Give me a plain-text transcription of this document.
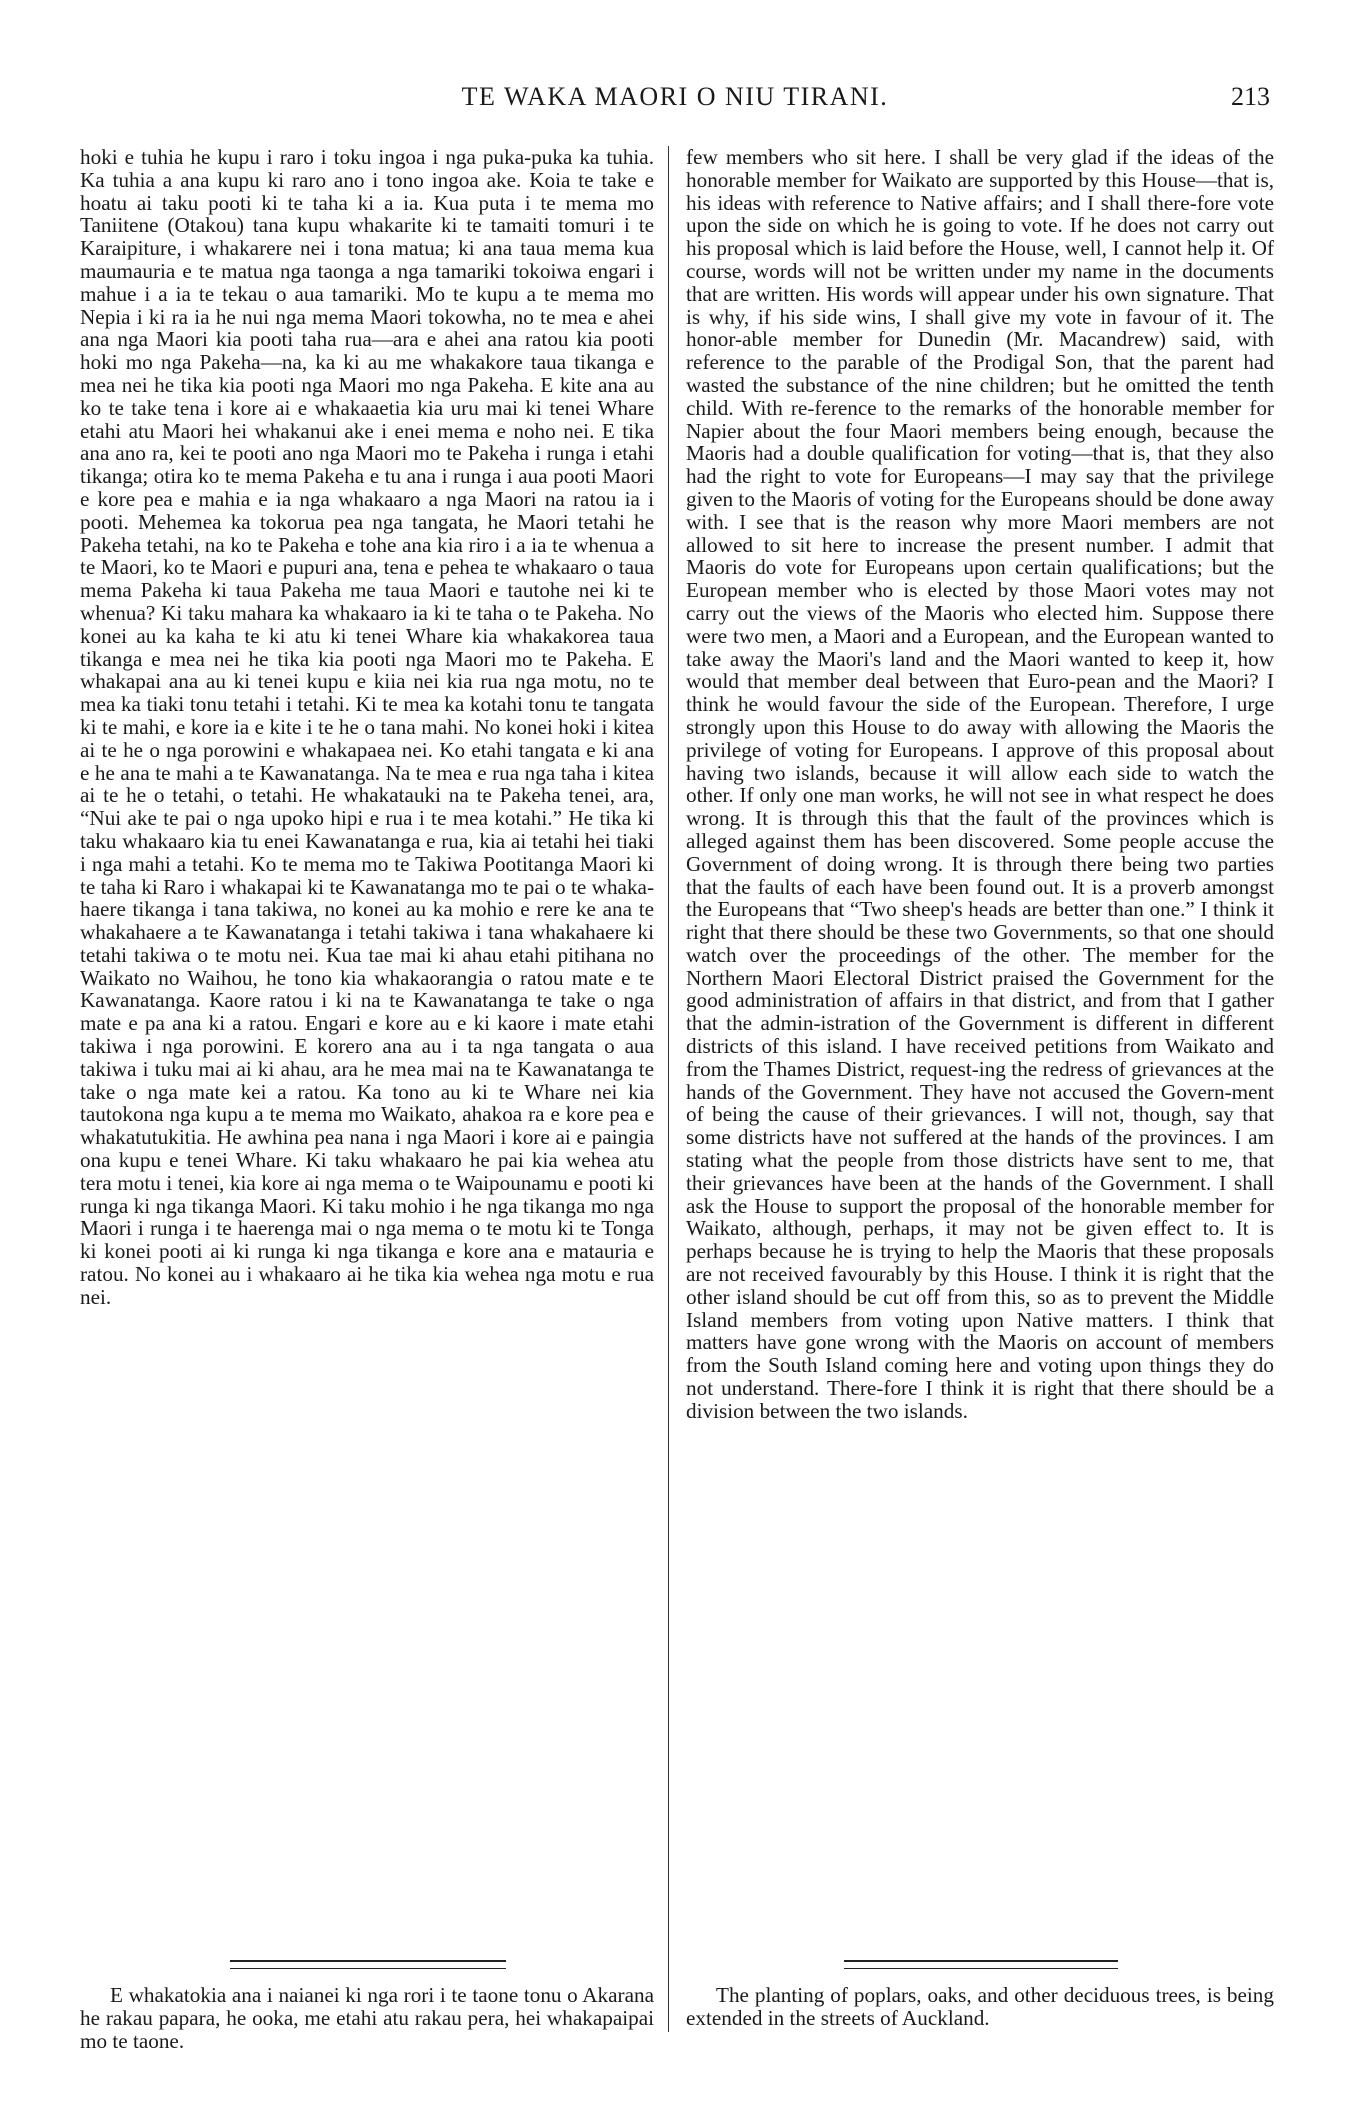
TE WAKA MAORI O NIU TIRANI.	213

hoki e tuhia he kupu i raro i toku ingoa i nga puka-puka ka tuhia. Ka tuhia a ana kupu ki raro ano i tono ingoa ake. Koia te take e hoatu ai taku pooti ki te taha ki a ia. Kua puta i te mema mo Taniitene (Otakou) tana kupu whakarite ki te tamaiti tomuri i te Karaipiture, i whakarere nei i tona matua; ki ana taua mema kua maumauria e te matua nga taonga a nga tamariki tokoiwa engari i mahue i a ia te tekau o aua tamariki. Mo te kupu a te mema mo Nepia i ki ra ia he nui nga mema Maori tokowha, no te mea e ahei ana nga Maori kia pooti taha rua—ara e ahei ana ratou kia pooti hoki mo nga Pakeha—na, ka ki au me whakakore taua tikanga e mea nei he tika kia pooti nga Maori mo nga Pakeha. E kite ana au ko te take tena i kore ai e whakaaetia kia uru mai ki tenei Whare etahi atu Maori hei whakanui ake i enei mema e noho nei. E tika ana ano ra, kei te pooti ano nga Maori mo te Pakeha i runga i etahi tikanga; otira ko te mema Pakeha e tu ana i runga i aua pooti Maori e kore pea e mahia e ia nga whakaaro a nga Maori na ratou ia i pooti. Mehemea ka tokorua pea nga tangata, he Maori tetahi he Pakeha tetahi, na ko te Pakeha e tohe ana kia riro i a ia te whenua a te Maori, ko te Maori e pupuri ana, tena e pehea te whakaaro o taua mema Pakeha ki taua Pakeha me taua Maori e tautohe nei ki te whenua? Ki taku mahara ka whakaaro ia ki te taha o te Pakeha. No konei au ka kaha te ki atu ki tenei Whare kia whakakorea taua tikanga e mea nei he tika kia pooti nga Maori mo te Pakeha. E whakapai ana au ki tenei kupu e kiia nei kia rua nga motu, no te mea ka tiaki tonu tetahi i tetahi. Ki te mea ka kotahi tonu te tangata ki te mahi, e kore ia e kite i te he o tana mahi. No konei hoki i kitea ai te he o nga porowini e whakapaea nei. Ko etahi tangata e ki ana e he ana te mahi a te Kawanatanga. Na te mea e rua nga taha i kitea ai te he o tetahi, o tetahi. He whakatauki na te Pakeha tenei, ara, “Nui ake te pai o nga upoko hipi e rua i te mea kotahi.” He tika ki taku whakaaro kia tu enei Kawanatanga e rua, kia ai tetahi hei tiaki i nga mahi a tetahi. Ko te mema mo te Takiwa Pootitanga Maori ki te taha ki Raro i whakapai ki te Kawanatanga mo te pai o te whaka-haere tikanga i tana takiwa, no konei au ka mohio e rere ke ana te whakahaere a te Kawanatanga i tetahi takiwa i tana whakahaere ki tetahi takiwa o te motu nei. Kua tae mai ki ahau etahi pitihana no Waikato no Waihou, he tono kia whakaorangia o ratou mate e te Kawanatanga. Kaore ratou i ki na te Kawanatanga te take o nga mate e pa ana ki a ratou. Engari e kore au e ki kaore i mate etahi takiwa i nga porowini. E korero ana au i ta nga tangata o aua takiwa i tuku mai ai ki ahau, ara he mea mai na te Kawanatanga te take o nga mate kei a ratou. Ka tono au ki te Whare nei kia tautokona nga kupu a te mema mo Waikato, ahakoa ra e kore pea e whakatutukitia. He awhina pea nana i nga Maori i kore ai e paingia ona kupu e tenei Whare. Ki taku whakaaro he pai kia wehea atu tera motu i tenei, kia kore ai nga mema o te Waipounamu e pooti ki runga ki nga tikanga Maori. Ki taku mohio i he nga tikanga mo nga Maori i runga i te haerenga mai o nga mema o te motu ki te Tonga ki konei pooti ai ki runga ki nga tikanga e kore ana e matauria e ratou. No konei au i whakaaro ai he tika kia wehea nga motu e rua nei.

few members who sit here. I shall be very glad if the ideas of the honorable member for Waikato are supported by this House—that is, his ideas with reference to Native affairs; and I shall there-fore vote upon the side on which he is going to vote. If he does not carry out his proposal which is laid before the House, well, I cannot help it. Of course, words will not be written under my name in the documents that are written. His words will appear under his own signature. That is why, if his side wins, I shall give my vote in favour of it. The honor-able member for Dunedin (Mr. Macandrew) said, with reference to the parable of the Prodigal Son, that the parent had wasted the substance of the nine children; but he omitted the tenth child. With re-ference to the remarks of the honorable member for Napier about the four Maori members being enough, because the Maoris had a double qualification for voting—that is, that they also had the right to vote for Europeans—I may say that the privilege given to the Maoris of voting for the Europeans should be done away with. I see that is the reason why more Maori members are not allowed to sit here to increase the present number. I admit that Maoris do vote for Europeans upon certain qualifications; but the European member who is elected by those Maori votes may not carry out the views of the Maoris who elected him. Suppose there were two men, a Maori and a European, and the European wanted to take away the Maori's land and the Maori wanted to keep it, how would that member deal between that Euro-pean and the Maori? I think he would favour the side of the European. Therefore, I urge strongly upon this House to do away with allowing the Maoris the privilege of voting for Europeans. I approve of this proposal about having two islands, because it will allow each side to watch the other. If only one man works, he will not see in what respect he does wrong. It is through this that the fault of the provinces which is alleged against them has been discovered. Some people accuse the Government of doing wrong. It is through there being two parties that the faults of each have been found out. It is a proverb amongst the Europeans that “Two sheep's heads are better than one.” I think it right that there should be these two Governments, so that one should watch over the proceedings of the other. The member for the Northern Maori Electoral District praised the Government for the good administration of affairs in that district, and from that I gather that the admin-istration of the Government is different in different districts of this island. I have received petitions from Waikato and from the Thames District, request-ing the redress of grievances at the hands of the Government. They have not accused the Govern-ment of being the cause of their grievances. I will not, though, say that some districts have not suffered at the hands of the provinces. I am stating what the people from those districts have sent to me, that their grievances have been at the hands of the Government. I shall ask the House to support the proposal of the honorable member for Waikato, although, perhaps, it may not be given effect to. It is perhaps because he is trying to help the Maoris that these proposals are not received favourably by this House. I think it is right that the other island should be cut off from this, so as to prevent the Middle Island members from voting upon Native matters. I think that matters have gone wrong with the Maoris on account of members from the South Island coming here and voting upon things they do not understand. There-fore I think it is right that there should be a division between the two islands.

E whakatokia ana i naianei ki nga rori i te taone tonu o Akarana he rakau papara, he ooka, me etahi atu rakau pera, hei whakapaipai mo te taone.

The planting of poplars, oaks, and other deciduous trees, is being extended in the streets of Auckland.
